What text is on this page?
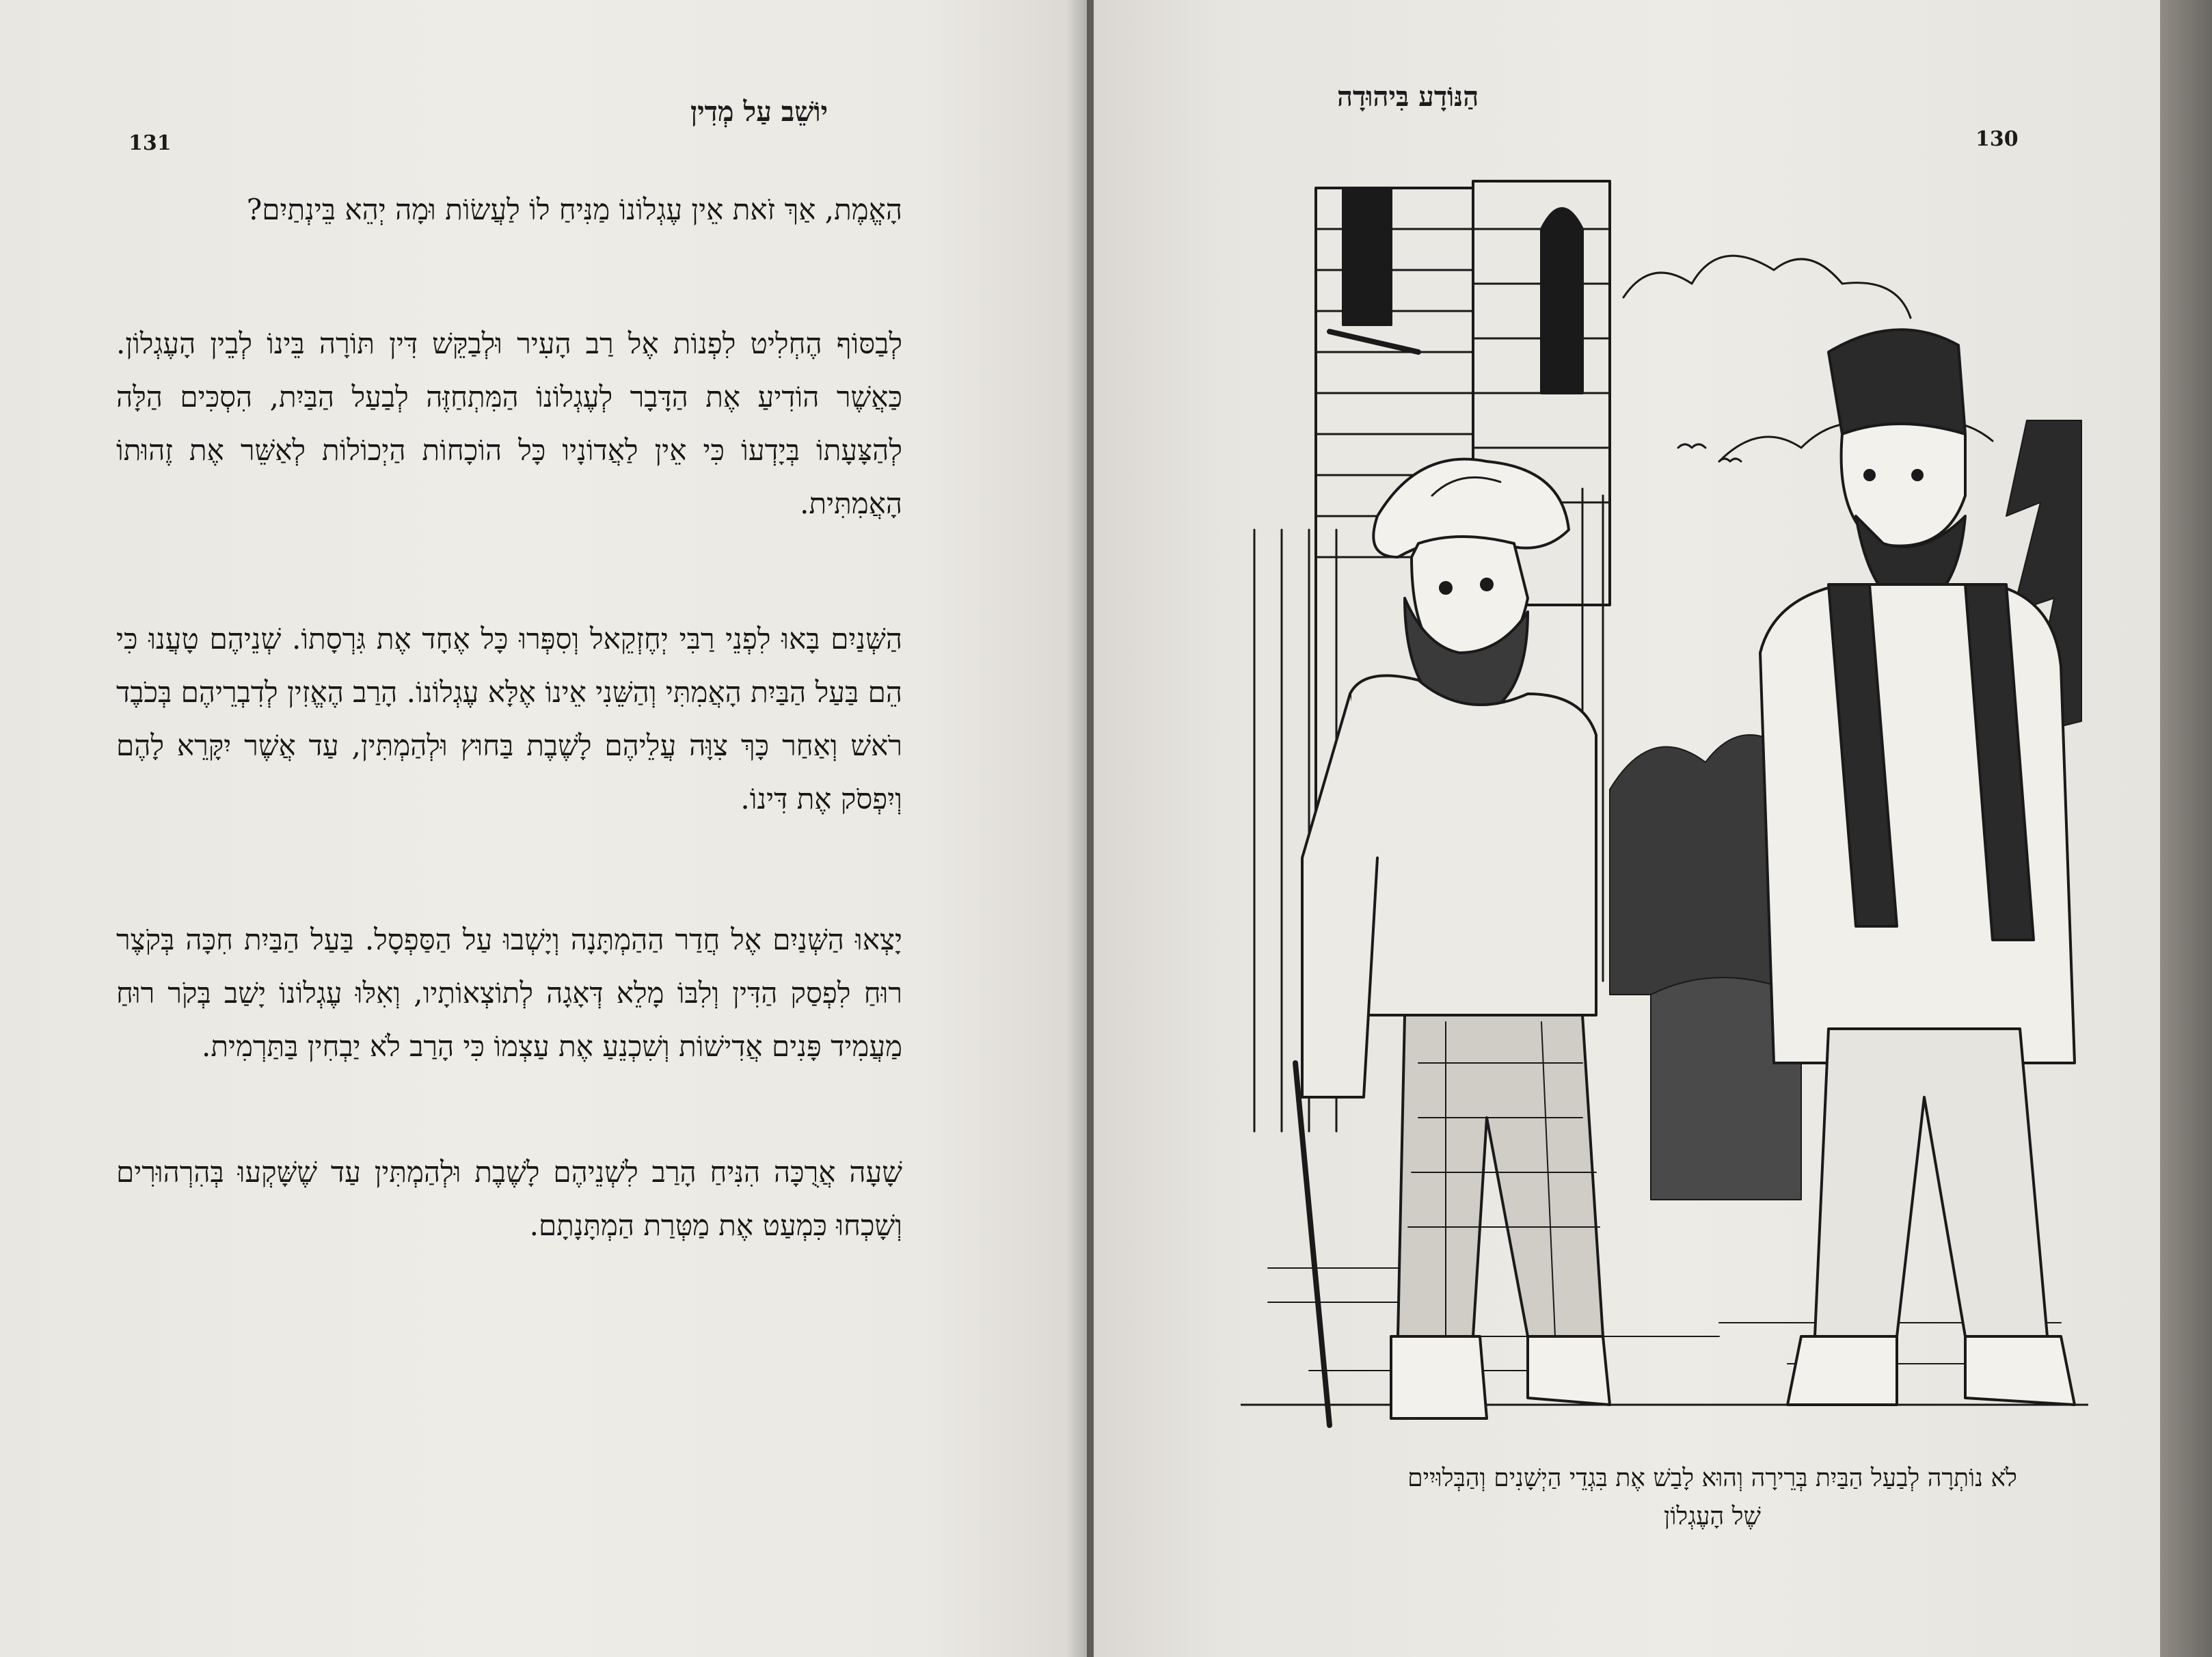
יוֹשֵׁב עַל מְדִין
131

הָאֱמֶת, אַךְ זֹאת אֵין עֶגְלוֹנוֹ מַנִּיחַ לוֹ לַעֲשׂוֹת וּמָה יְהֵא בֵּינְתַיִם?

לְבַסּוֹף הֶחְלִיט לִפְנוֹת אֶל רַב הָעִיר וּלְבַקֵּשׁ דִּין תּוֹרָה בֵּינוֹ לְבֵין הָעֶגְלוֹן. כַּאֲשֶׁר הוֹדִיעַ אֶת הַדָּבָר לְעֶגְלוֹנוֹ הַמִּתְחַזֶּה לְבַעַל הַבַּיִת, הִסְכִּים הַלָּה לְהַצָּעָתוֹ בְּיָדְעוֹ כִּי אֵין לַאֲדוֹנָיו כָּל הוֹכָחוֹת הַיְכוֹלוֹת לְאַשֵּׁר אֶת זֶהוּתוֹ הָאֲמִתִּית.

הַשְּׁנַיִם בָּאוּ לִפְנֵי רַבִּי יְחֶזְקֵאל וְסִפְּרוּ כָּל אֶחָד אֶת גִּרְסָתוֹ. שְׁנֵיהֶם טָעֲנוּ כִּי הֵם בַּעַל הַבַּיִת הָאֲמִתִּי וְהַשֵּׁנִי אֵינוֹ אֶלָּא עֶגְלוֹנוֹ. הָרַב הֶאֱזִין לְדִבְרֵיהֶם בְּכֹבֶד רֹאשׁ וְאַחַר כָּךְ צִוָּה עֲלֵיהֶם לָשֶׁבֶת בַּחוּץ וּלְהַמְתִּין, עַד אֲשֶׁר יִקָּרֵא לָהֶם וְיִפְסֹק אֶת דִּינוֹ.

יָצְאוּ הַשְּׁנַיִם אֶל חֲדַר הַהַמְתָּנָה וְיָשְׁבוּ עַל הַסַּפְסָל. בַּעַל הַבַּיִת חִכָּה בְּקֹצֶר רוּחַ לִפְסַק הַדִּין וְלִבּוֹ מָלֵא דְּאָגָה לְתוֹצְאוֹתָיו, וְאִלּוּ עֶגְלוֹנוֹ יָשַׁב בְּקֹר רוּחַ מַעֲמִיד פָּנִים אֲדִישׁוֹת וְשִׁכְנֵעַ אֶת עַצְמוֹ כִּי הָרַב לֹא יַבְחִין בַּתַּרְמִית.

שָׁעָה אֲרֻכָּה הִנִּיחַ הָרַב לִשְׁנֵיהֶם לָשֶׁבֶת וּלְהַמְתִּין עַד שֶׁשָּׁקְעוּ בְּהִרְהוּרִים וְשָׁכְחוּ כִּמְעַט אֶת מַטְּרַת הַמְתָּנָתָם.

הַנּוֹדָע בִּיהוּדָה
130
לֹא נוֹתְרָה לְבַעַל הַבַּיִת בְּרֵירָה וְהוּא לָבַשׁ אֶת בִּגְדֵי הַיְשָׁנִים וְהַבְּלוּיִים
שֶׁל הָעֶגְלוֹן
